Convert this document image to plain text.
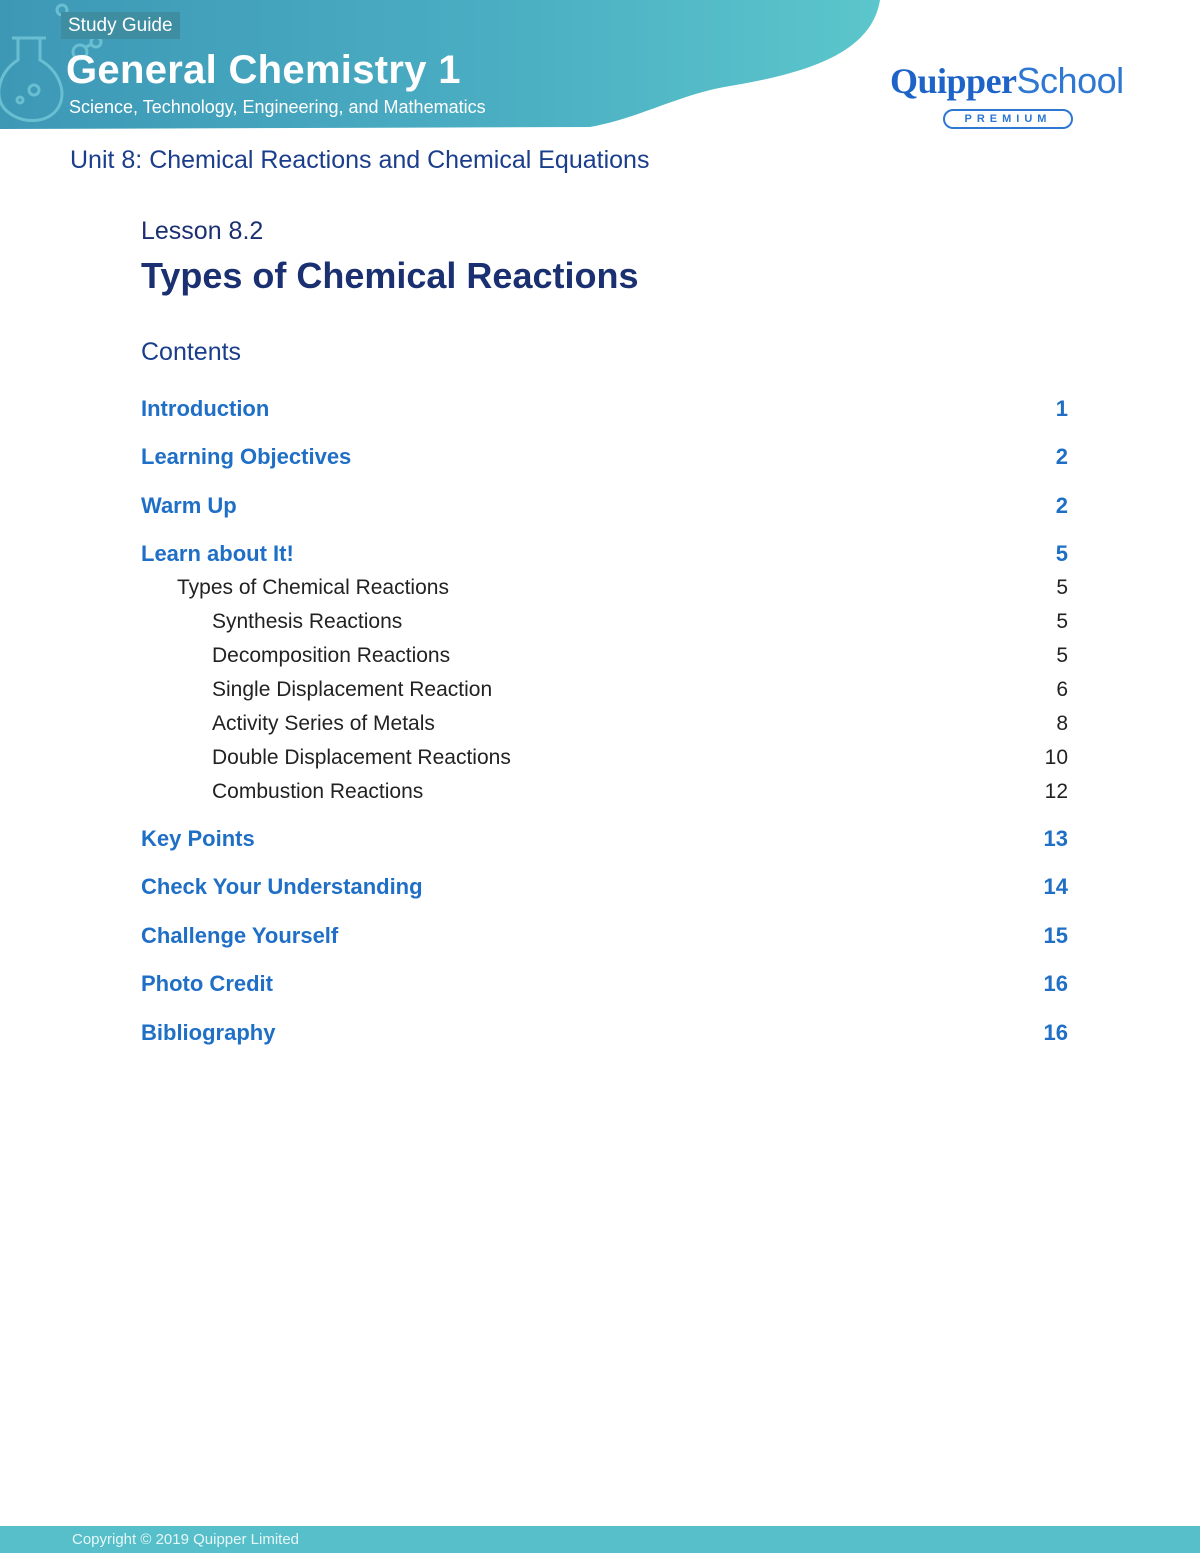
Study Guide
General Chemistry 1
Science, Technology, Engineering, and Mathematics
QuipperSchool
PREMIUM
Unit 8: Chemical Reactions and Chemical Equations
Lesson 8.2
Types of Chemical Reactions
Contents
Introduction	1
Learning Objectives	2
Warm Up	2
Learn about It!	5
Types of Chemical Reactions	5
Synthesis Reactions	5
Decomposition Reactions	5
Single Displacement Reaction	6
Activity Series of Metals	8
Double Displacement Reactions	10
Combustion Reactions	12
Key Points	13
Check Your Understanding	14
Challenge Yourself	15
Photo Credit	16
Bibliography	16
Copyright © 2019 Quipper Limited
